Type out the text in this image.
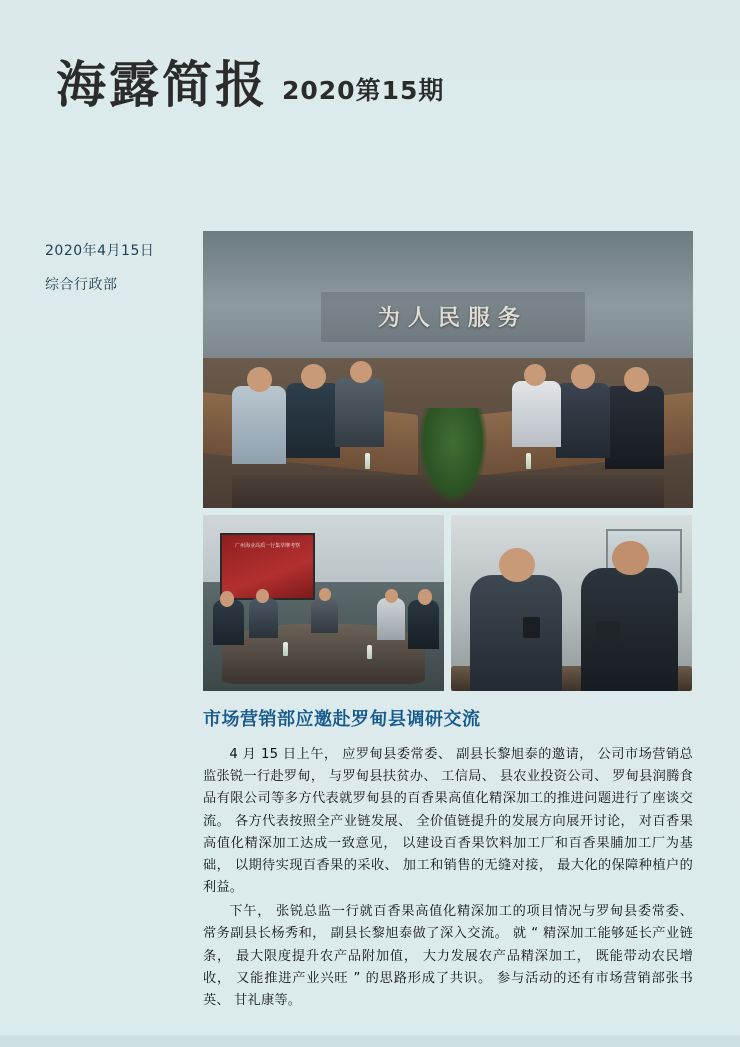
海露简报 2020第15期
2020年4月15日
综合行政部
为人民服务
广州海业高质一行集萃摩考察
市场营销部应邀赴罗甸县调研交流

4 月 15 日上午， 应罗甸县委常委、 副县长黎旭泰的邀请， 公司市场营销总监张锐一行赴罗甸， 与罗甸县扶贫办、 工信局、 县农业投资公司、 罗甸县润腾食品有限公司等多方代表就罗甸县的百香果高值化精深加工的推进问题进行了座谈交流。 各方代表按照全产业链发展、 全价值链提升的发展方向展开讨论， 对百香果高值化精深加工达成一致意见， 以建设百香果饮料加工厂和百香果脯加工厂为基础， 以期待实现百香果的采收、 加工和销售的无缝对接， 最大化的保障种植户的利益。

下午， 张锐总监一行就百香果高值化精深加工的项目情况与罗甸县委常委、 常务副县长杨秀和， 副县长黎旭泰做了深入交流。 就 “ 精深加工能够延长产业链条， 最大限度提升农产品附加值， 大力发展农产品精深加工， 既能带动农民增收， 又能推进产业兴旺 ” 的思路形成了共识。 参与活动的还有市场营销部张书英、 甘礼康等。
